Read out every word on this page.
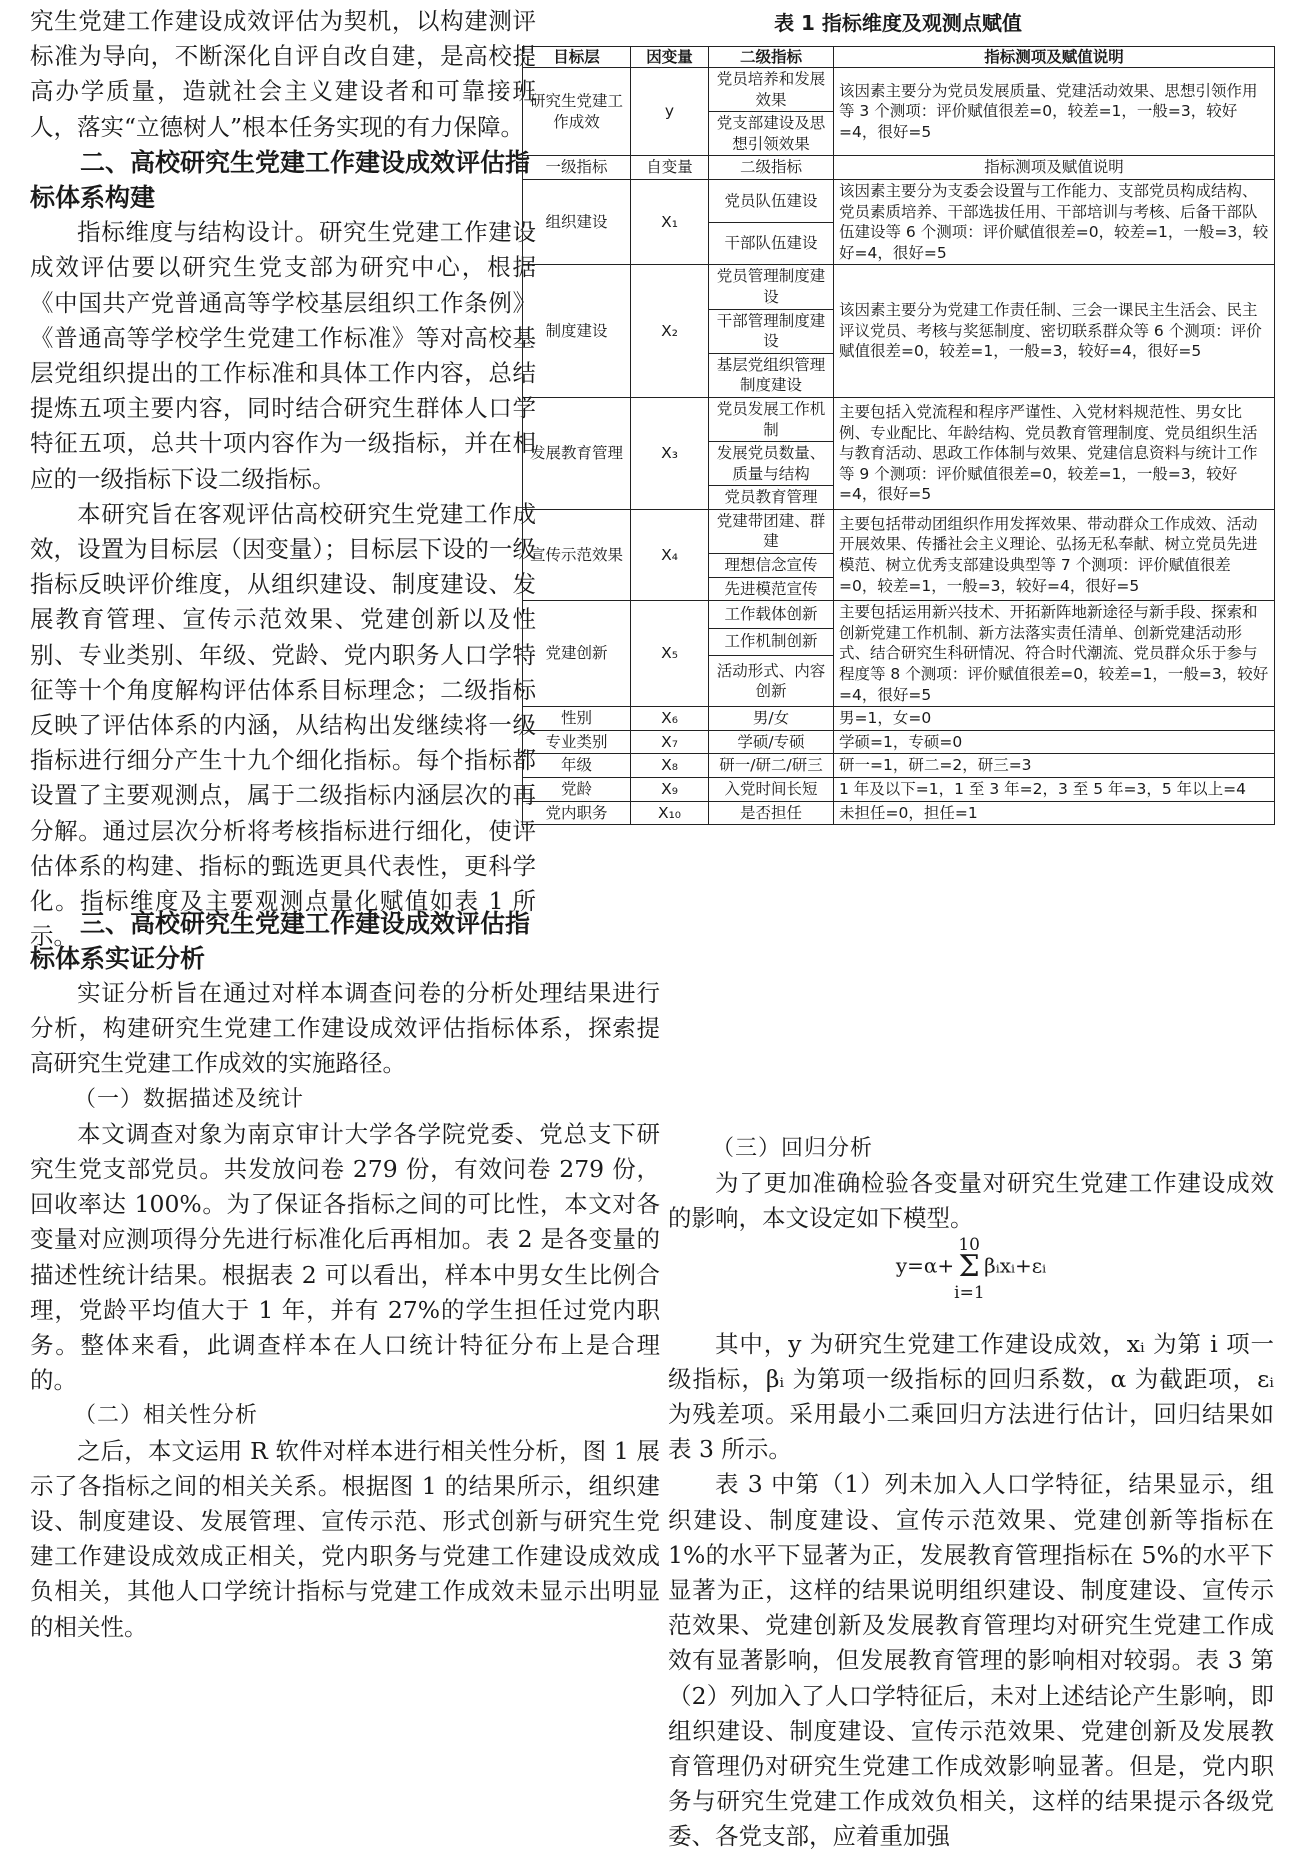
究生党建工作建设成效评估为契机，以构建测评标准为导向，不断深化自评自改自建，是高校提高办学质量，造就社会主义建设者和可靠接班人，落实“立德树人”根本任务实现的有力保障。

二、高校研究生党建工作建设成效评估指标体系构建

指标维度与结构设计。研究生党建工作建设成效评估要以研究生党支部为研究中心，根据《中国共产党普通高等学校基层组织工作条例》《普通高等学校学生党建工作标准》等对高校基层党组织提出的工作标准和具体工作内容，总结提炼五项主要内容，同时结合研究生群体人口学特征五项，总共十项内容作为一级指标，并在相应的一级指标下设二级指标。

本研究旨在客观评估高校研究生党建工作成效，设置为目标层（因变量）；目标层下设的一级指标反映评价维度，从组织建设、制度建设、发展教育管理、宣传示范效果、党建创新以及性别、专业类别、年级、党龄、党内职务人口学特征等十个角度解构评估体系目标理念；二级指标反映了评估体系的内涵，从结构出发继续将一级指标进行细分产生十九个细化指标。每个指标都设置了主要观测点，属于二级指标内涵层次的再分解。通过层次分析将考核指标进行细化，使评估体系的构建、指标的甄选更具代表性，更科学化。指标维度及主要观测点量化赋值如表 1 所示。

表 1 指标维度及观测点赋值
目标层	因变量	二级指标	指标测项及赋值说明
研究生党建工作成效	y	党员培养和发展效果	该因素主要分为党员发展质量、党建活动效果、思想引领作用等 3 个测项：评价赋值很差=0，较差=1，一般=3，较好=4，很好=5
		党支部建设及思想引领效果	
一级指标	自变量	二级指标	指标测项及赋值说明
组织建设	X₁	党员队伍建设	该因素主要分为支委会设置与工作能力、支部党员构成结构、党员素质培养、干部选拔任用、干部培训与考核、后备干部队伍建设等 6 个测项：评价赋值很差=0，较差=1，一般=3，较好=4，很好=5
		干部队伍建设	
制度建设	X₂	党员管理制度建设	该因素主要分为党建工作责任制、三会一课民主生活会、民主评议党员、考核与奖惩制度、密切联系群众等 6 个测项：评价赋值很差=0，较差=1，一般=3，较好=4，很好=5
		干部管理制度建设	
		基层党组织管理制度建设	
发展教育管理	X₃	党员发展工作机制	主要包括入党流程和程序严谨性、入党材料规范性、男女比例、专业配比、年龄结构、党员教育管理制度、党员组织生活与教育活动、思政工作体制与效果、党建信息资料与统计工作等 9 个测项：评价赋值很差=0，较差=1，一般=3，较好=4，很好=5
		发展党员数量、质量与结构	
		党员教育管理	
宣传示范效果	X₄	党建带团建、群建	主要包括带动团组织作用发挥效果、带动群众工作成效、活动开展效果、传播社会主义理论、弘扬无私奉献、树立党员先进模范、树立优秀支部建设典型等 7 个测项：评价赋值很差=0，较差=1，一般=3，较好=4，很好=5
		理想信念宣传	
		先进模范宣传	
党建创新	X₅	工作载体创新	主要包括运用新兴技术、开拓新阵地新途径与新手段、探索和创新党建工作机制、新方法落实责任清单、创新党建活动形式、结合研究生科研情况、符合时代潮流、党员群众乐于参与程度等 8 个测项：评价赋值很差=0，较差=1，一般=3，较好=4，很好=5
		工作机制创新	
		活动形式、内容创新	
性别	X₆	男/女	男=1，女=0
专业类别	X₇	学硕/专硕	学硕=1，专硕=0
年级	X₈	研一/研二/研三	研一=1，研二=2，研三=3
党龄	X₉	入党时间长短	1 年及以下=1，1 至 3 年=2，3 至 5 年=3，5 年以上=4
党内职务	X₁₀	是否担任	未担任=0，担任=1
三、高校研究生党建工作建设成效评估指标体系实证分析

实证分析旨在通过对样本调查问卷的分析处理结果进行分析，构建研究生党建工作建设成效评估指标体系，探索提高研究生党建工作成效的实施路径。

（一）数据描述及统计

本文调查对象为南京审计大学各学院党委、党总支下研究生党支部党员。共发放问卷 279 份，有效问卷 279 份，回收率达 100%。为了保证各指标之间的可比性，本文对各变量对应测项得分先进行标准化后再相加。表 2 是各变量的描述性统计结果。根据表 2 可以看出，样本中男女生比例合理，党龄平均值大于 1 年，并有 27%的学生担任过党内职务。整体来看，此调查样本在人口统计特征分布上是合理的。

（二）相关性分析

之后，本文运用 R 软件对样本进行相关性分析，图 1 展示了各指标之间的相关关系。根据图 1 的结果所示，组织建设、制度建设、发展管理、宣传示范、形式创新与研究生党建工作建设成效成正相关，党内职务与党建工作建设成效成负相关，其他人口学统计指标与党建工作成效未显示出明显的相关性。

（三）回归分析

为了更加准确检验各变量对研究生党建工作建设成效的影响，本文设定如下模型。

y=α+
10
Σ
i=1
βᵢxᵢ+εᵢ

其中，y 为研究生党建工作建设成效，xᵢ 为第 i 项一级指标，βᵢ 为第项一级指标的回归系数，α 为截距项，εᵢ 为残差项。采用最小二乘回归方法进行估计，回归结果如表 3 所示。

表 3 中第（1）列未加入人口学特征，结果显示，组织建设、制度建设、宣传示范效果、党建创新等指标在 1%的水平下显著为正，发展教育管理指标在 5%的水平下显著为正，这样的结果说明组织建设、制度建设、宣传示范效果、党建创新及发展教育管理均对研究生党建工作成效有显著影响，但发展教育管理的影响相对较弱。表 3 第（2）列加入了人口学特征后，未对上述结论产生影响，即组织建设、制度建设、宣传示范效果、党建创新及发展教育管理仍对研究生党建工作成效影响显著。但是，党内职务与研究生党建工作成效负相关，这样的结果提示各级党委、各党支部，应着重加强
